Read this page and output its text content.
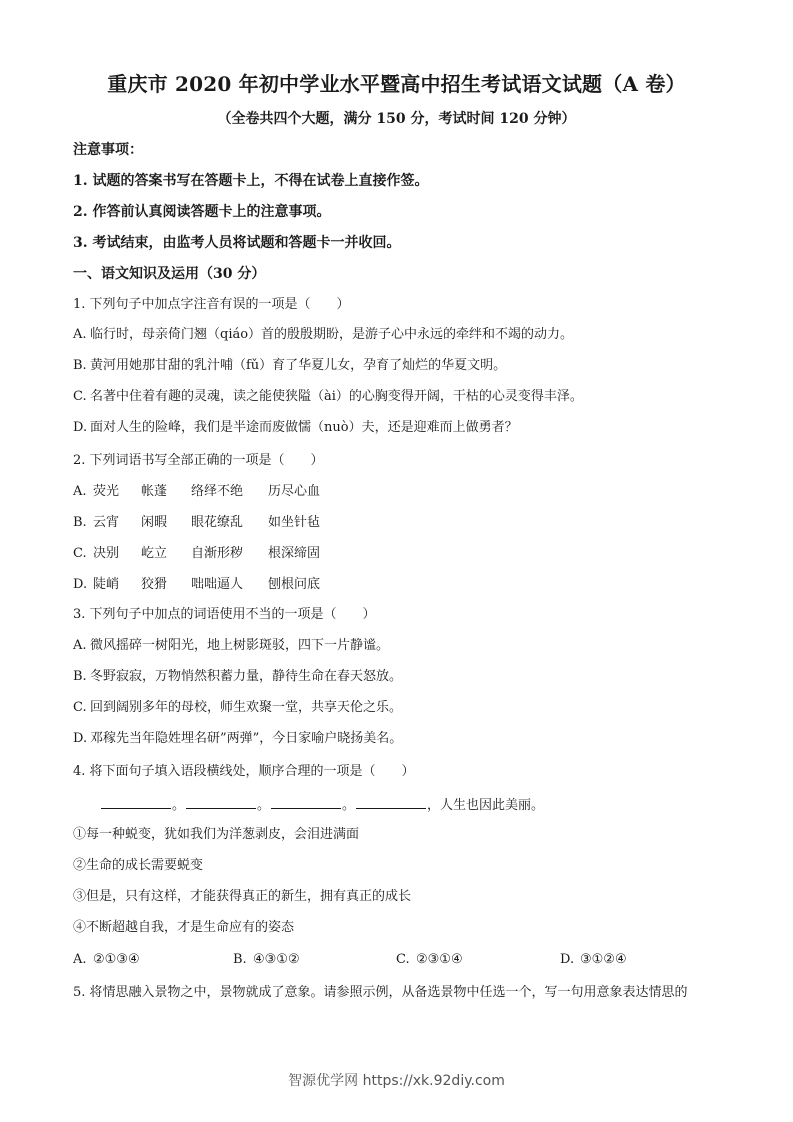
重庆市 2020 年初中学业水平暨高中招生考试语文试题（A 卷）
（全卷共四个大题，满分 150 分，考试时间 120 分钟）
注意事项：
1. 试题的答案书写在答题卡上，不得在试卷上直接作签。
2. 作答前认真阅读答题卡上的注意事项。
3. 考试结束，由监考人员将试题和答题卡一并收回。
一、语文知识及运用（30 分）
1. 下列句子中加点字注音有误的一项是（　　）
A. 临行时，母亲倚门翘（qiáo）首的殷殷期盼，是游子心中永远的牵绊和不竭的动力。
B. 黄河用她那甘甜的乳汁哺（fǔ）育了华夏儿女，孕育了灿烂的华夏文明。
C. 名著中住着有趣的灵魂，读之能使狭隘（ài）的心胸变得开阔，干枯的心灵变得丰泽。
D. 面对人生的险峰，我们是半途而废做懦（nuò）夫，还是迎难而上做勇者？
2. 下列词语书写全部正确的一项是（　　）
A. 荧光 帐蓬 络绎不绝 历尽心血
B. 云宵 闲暇 眼花缭乱 如坐针毡
C. 决别 屹立 自渐形秽 根深缔固
D. 陡峭 狡猾 咄咄逼人 刨根问底
3. 下列句子中加点的词语使用不当的一项是（　　）
A. 微风摇碎一树阳光，地上树影斑驳，四下一片静谧。
B. 冬野寂寂，万物悄然积蓄力量，静待生命在春天怒放。
C. 回到阔别多年的母校，师生欢聚一堂，共享天伦之乐。
D. 邓稼先当年隐姓埋名研”两弹”，今日家喻户晓扬美名。
4. 将下面句子填入语段横线处，顺序合理的一项是（　　）
。	。	。	，人生也因此美丽。
①每一种蜕变，犹如我们为洋葱剥皮，会泪进满面
②生命的成长需要蜕变
③但是，只有这样，才能获得真正的新生，拥有真正的成长
④不断超越自我，才是生命应有的姿态
A. ②①③④	B. ④③①②	C. ②③①④	D. ③①②④
5. 将情思融入景物之中，景物就成了意象。请参照示例，从备选景物中任选一个，写一句用意象表达情思的
智源优学网 https://xk.92diy.com
